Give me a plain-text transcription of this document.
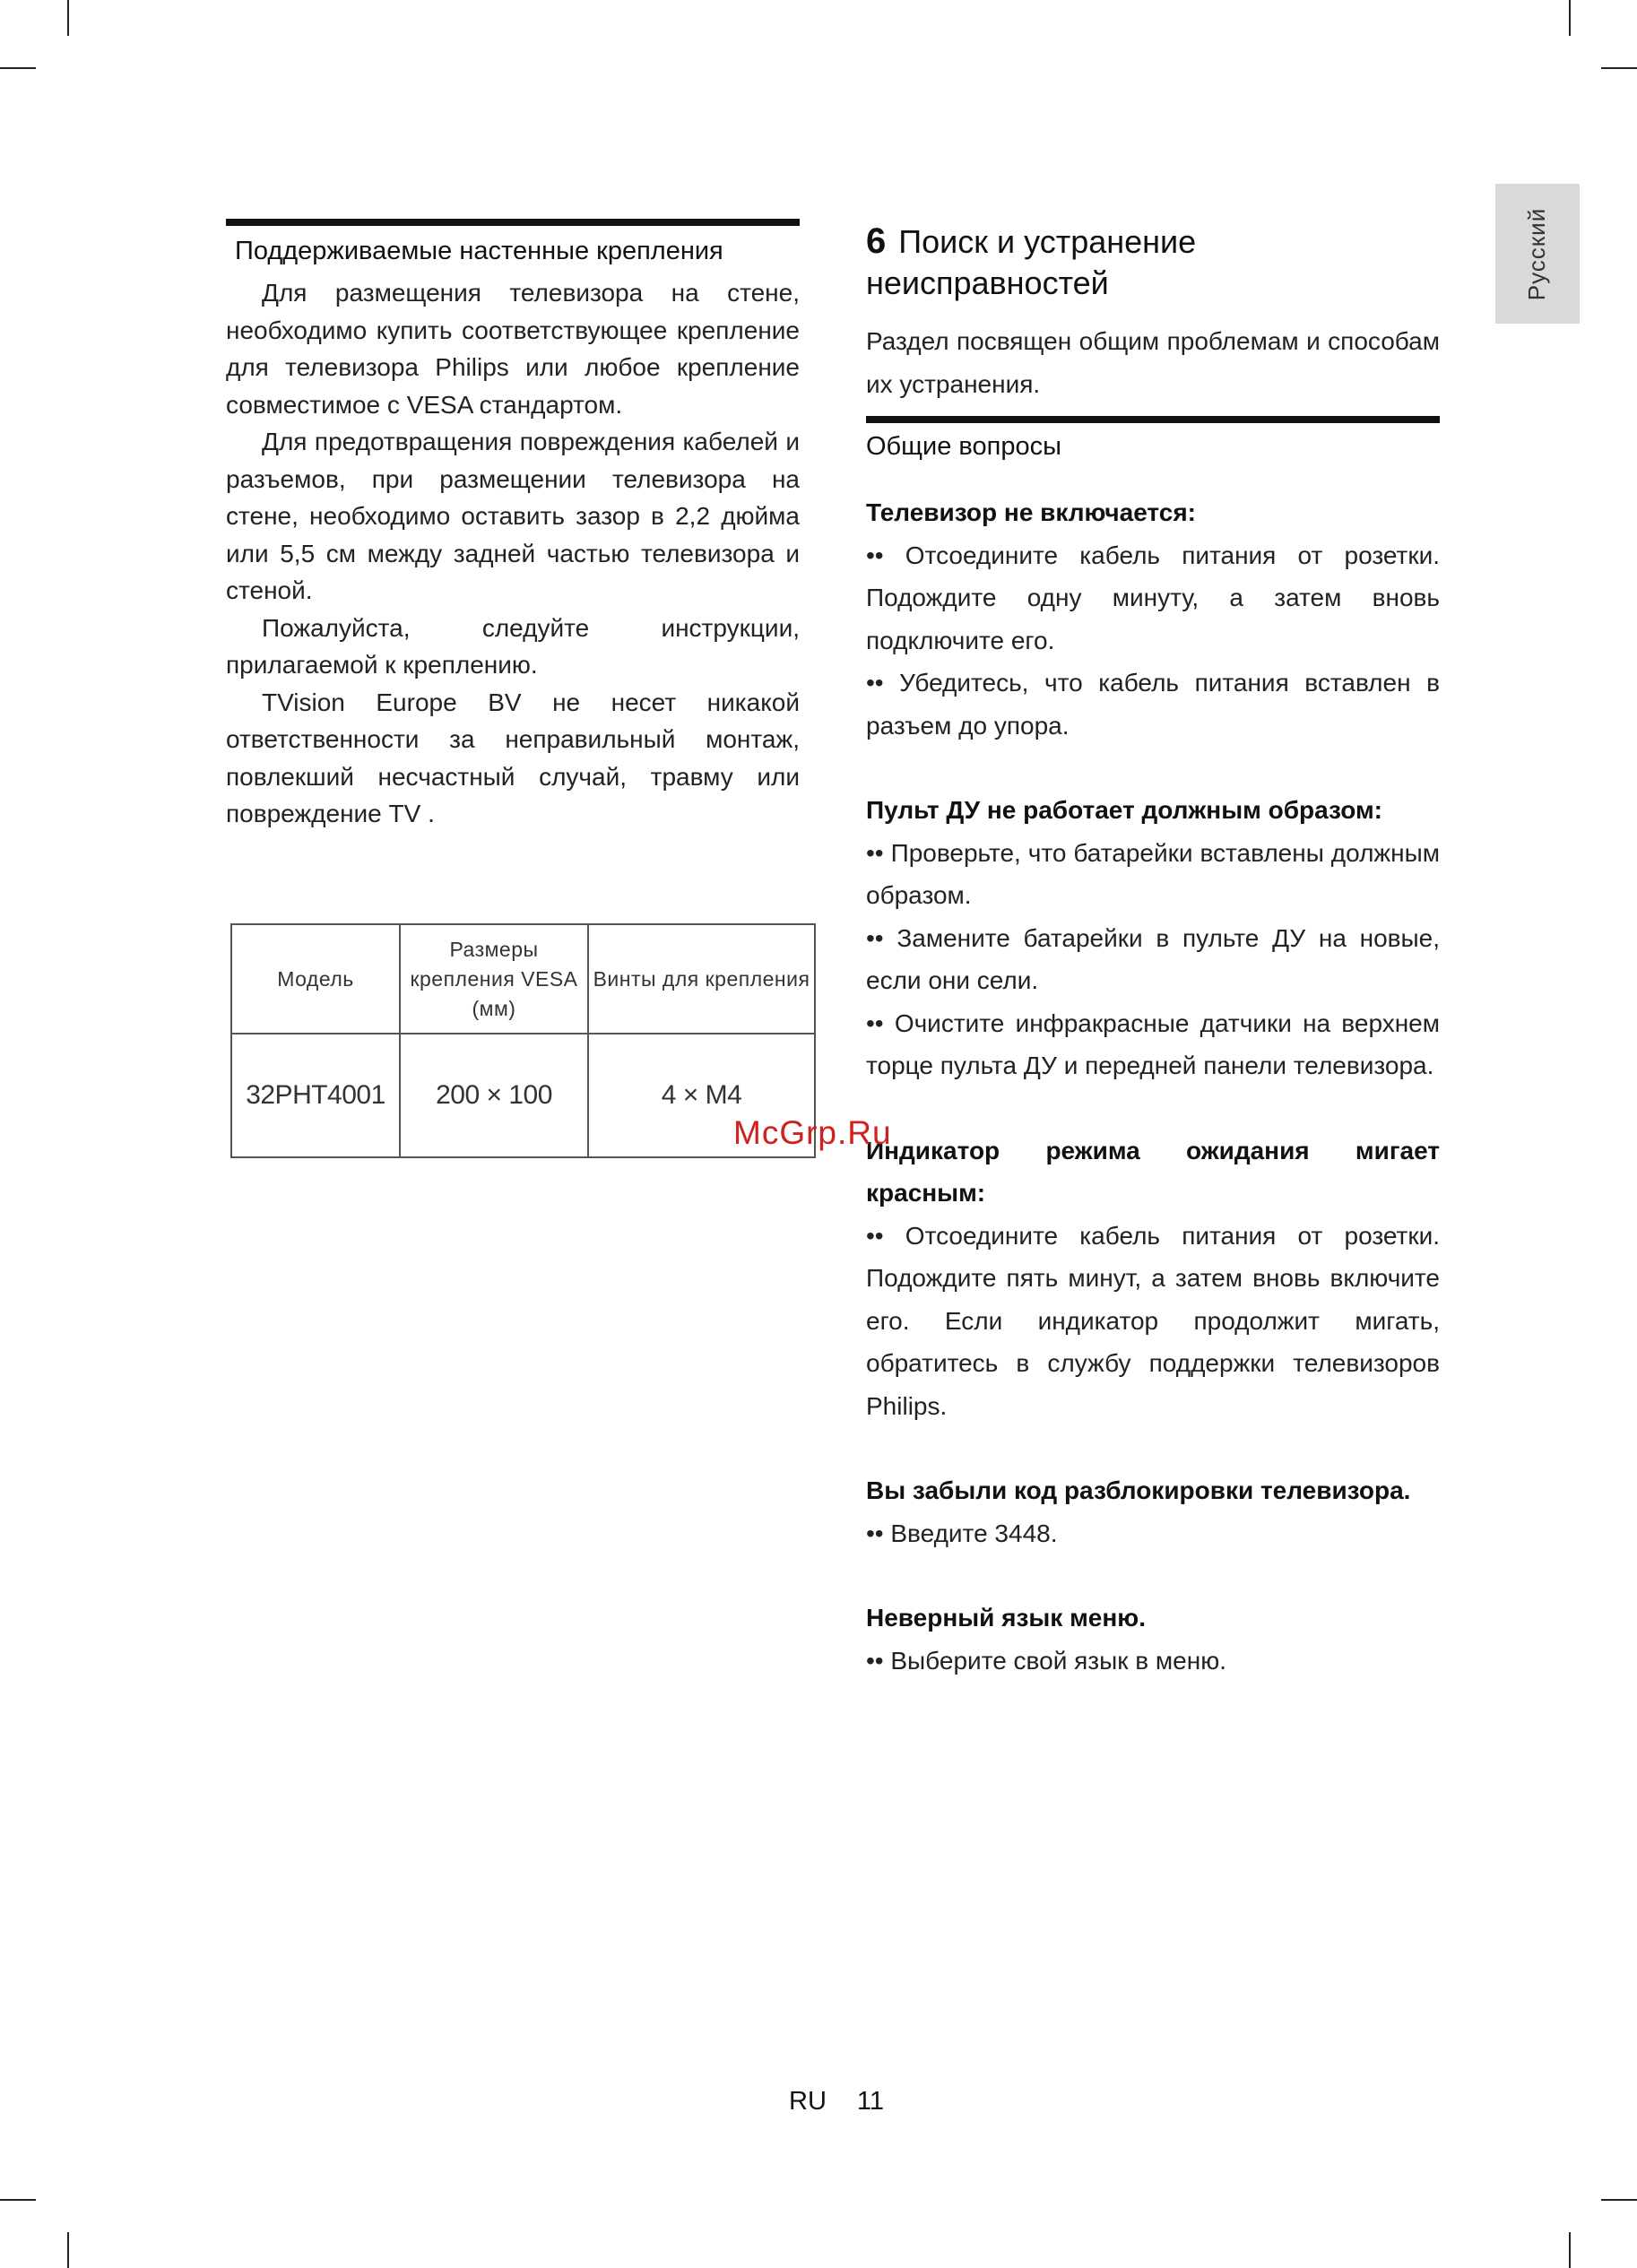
Русский
Поддерживаемые настенные крепления

Для размещения телевизора на стене, необходимо купить соответствующее крепление для телевизора Philips или любое крепление совместимое с VESA стандартом.

Для предотвращения повреждения кабелей и разъемов, при размещении телевизора на стене, необходимо оставить зазор в 2,2 дюйма или 5,5 см между задней частью телевизора и стеной.

Пожалуйста, следуйте инструкции, прилагаемой к креплению.

TVision Europe BV не несет никакой ответственности за неправильный монтаж, повлекший несчастный случай, травму или повреждение TV .

Модель	Размеры крепления VESA (мм)	Винты для крепления
32PHT4001	200 × 100	4 × M4
6 Поиск и устранение неисправностей

Раздел посвящен общим проблемам и способам их устранения.

Общие вопросы

Телевизор не включается:

•• Отсоедините кабель питания от розетки. Подождите одну минуту, а затем вновь подключите его.

•• Убедитесь, что кабель питания вставлен в разъем до упора.

Пульт ДУ не работает должным образом:

•• Проверьте, что батарейки вставлены должным образом.

•• Замените батарейки в пульте ДУ на новые, если они сели.

•• Очистите инфракрасные датчики на верхнем торце пульта ДУ и передней панели телевизора.

Индикатор режима ожидания мигает красным:

•• Отсоедините кабель питания от розетки. Подождите пять минут, а затем вновь включите его. Если индикатор продолжит мигать, обратитесь в службу поддержки телевизоров Philips.

Вы забыли код разблокировки телевизора.

•• Введите 3448.

Неверный язык меню.

•• Выберите свой язык в меню.

McGrp.Ru
RU 11
